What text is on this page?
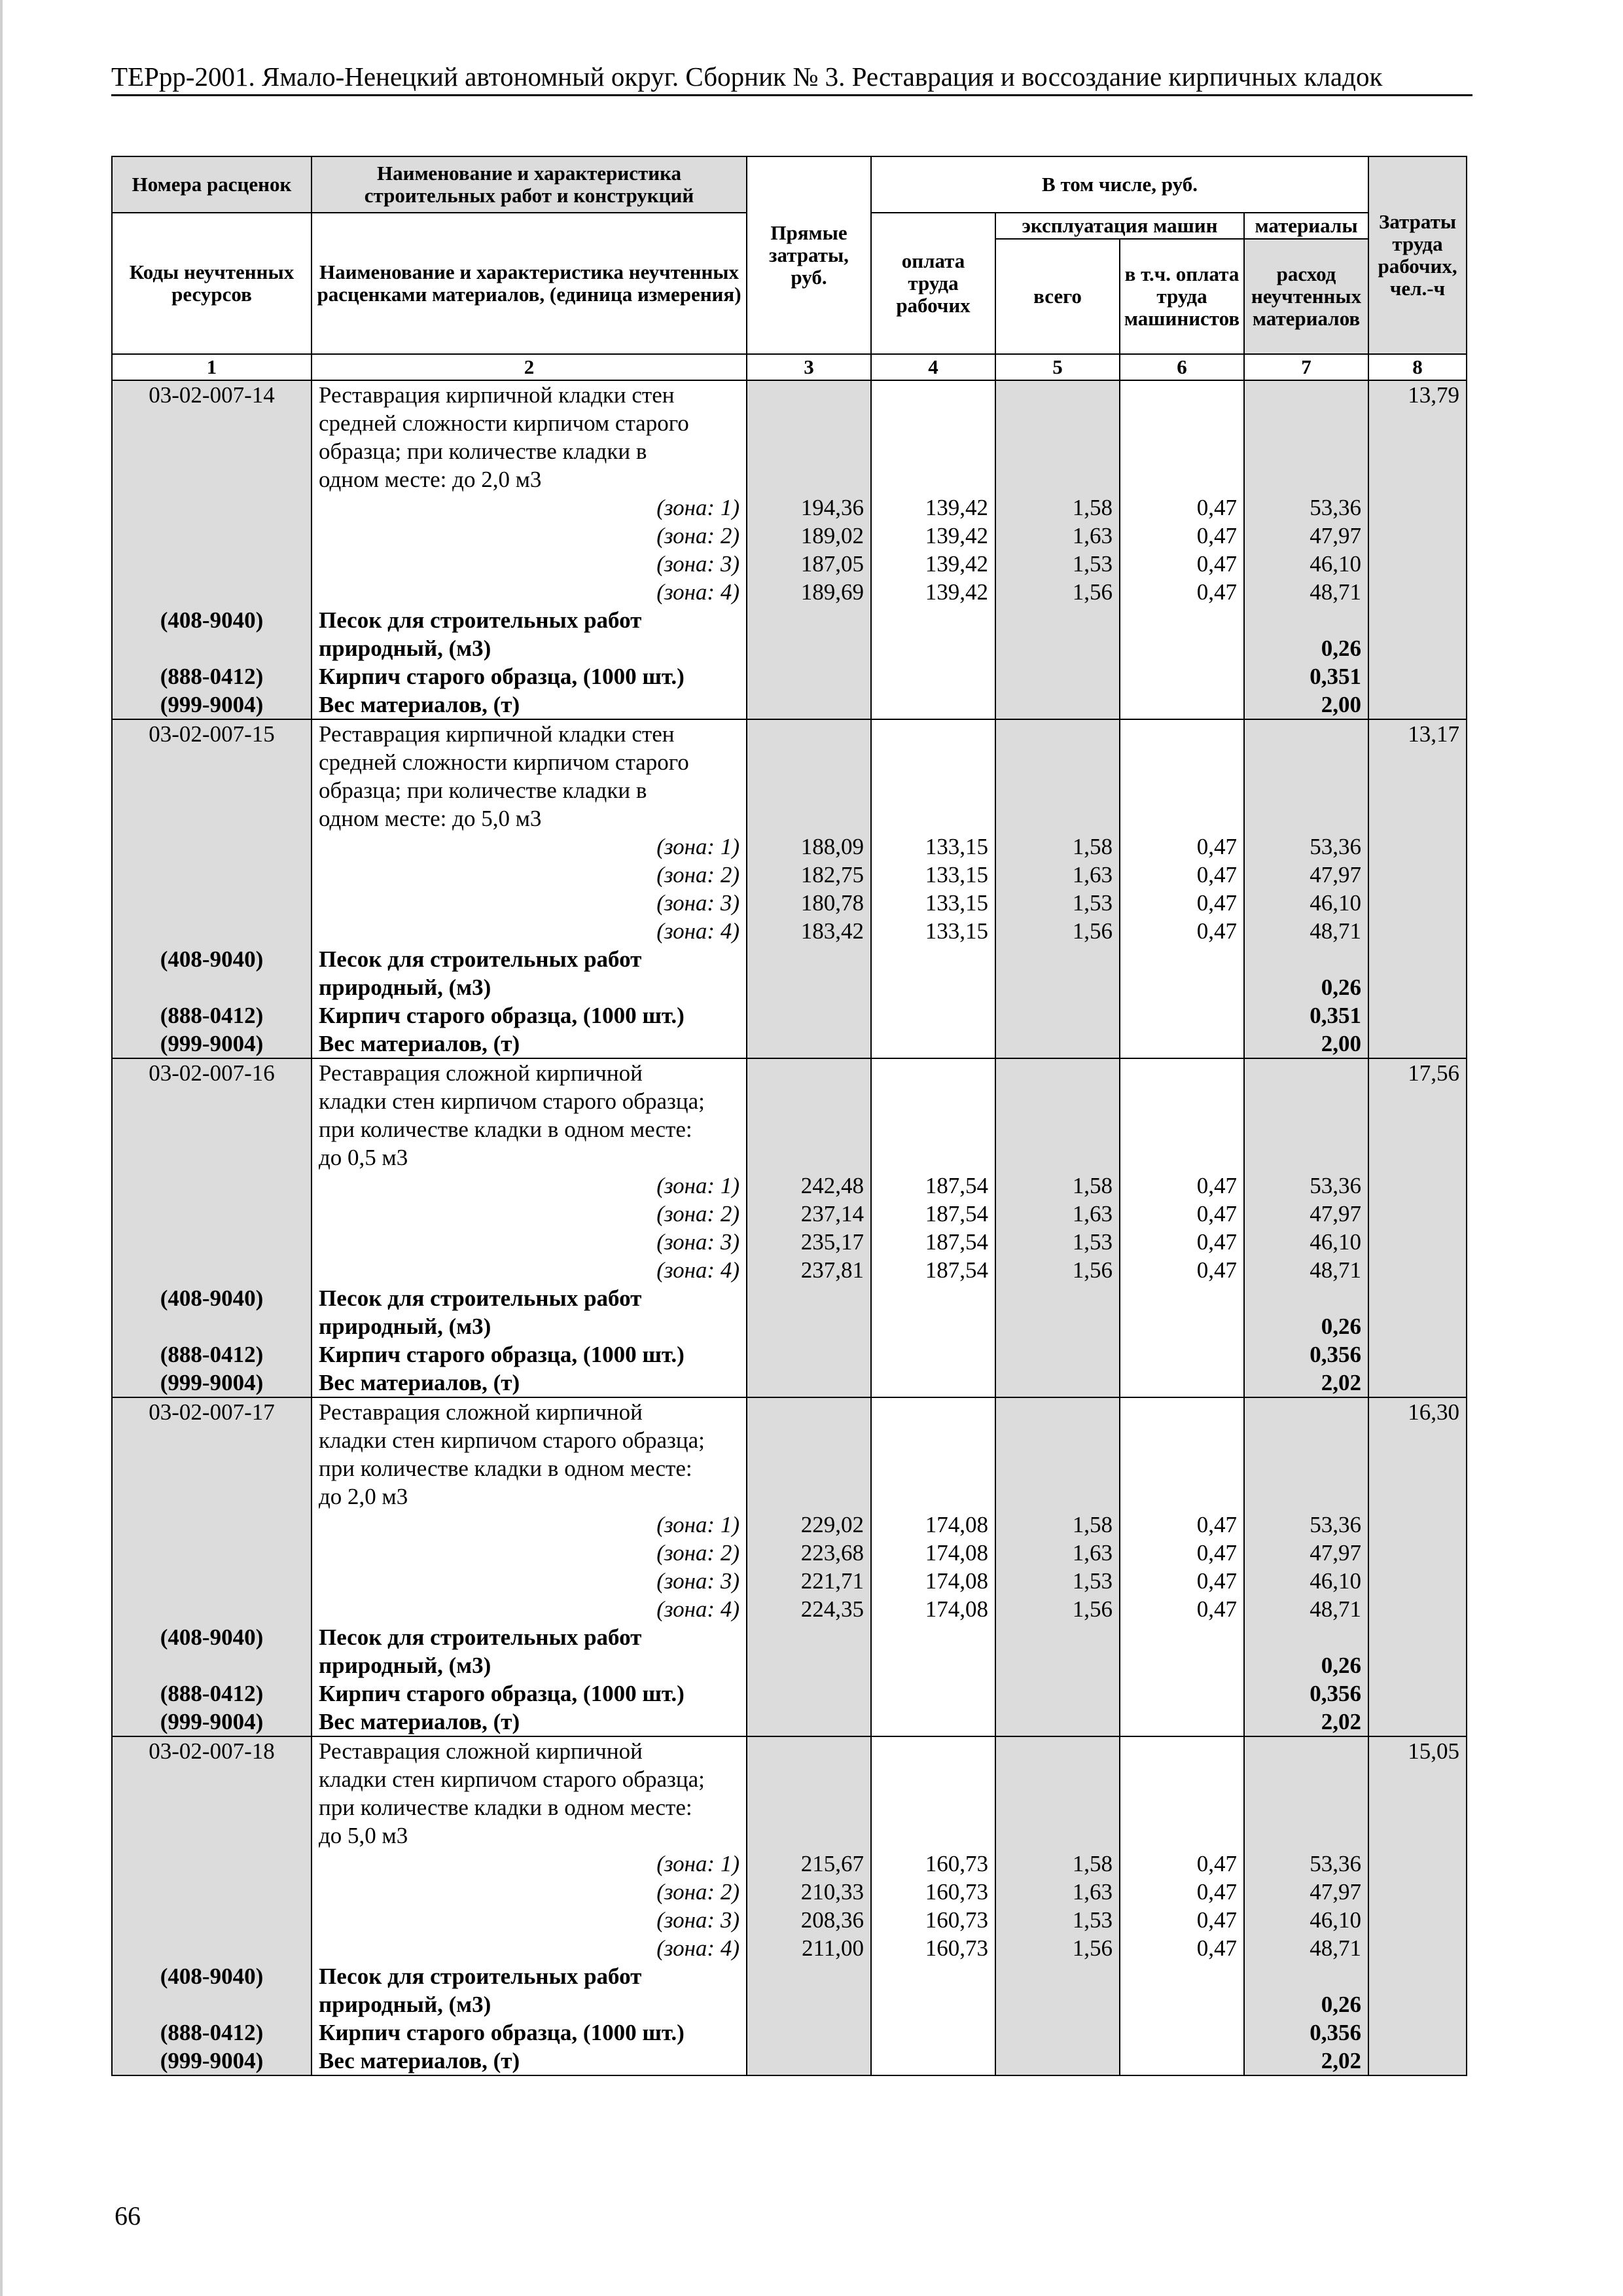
ТЕРрр-2001. Ямало-Ненецкий автономный округ. Сборник № 3. Реставрация и воссоздание кирпичных кладок
Номера расценок	Наименование и характеристика строительных работ и конструкций	Прямые затраты, руб.	В том числе, руб.				Затраты труда рабочих, чел.-ч
Коды неучтенных ресурсов	Наименование и характеристика неучтенных расценками материалов, (единица измерения)		оплата труда рабочих	эксплуатация машин		материалы	
				всего	в т.ч. оплата труда машинистов	расход неучтенных материалов	
1	2	3	4	5	6	7	8
03-02-007-14	Реставрация кирпичной кладки стен						13,79
	средней сложности кирпичом старого						
	образца; при количестве кладки в						
	одном месте: до 2,0 м3						
	(зона: 1)	194,36	139,42	1,58	0,47	53,36	
	(зона: 2)	189,02	139,42	1,63	0,47	47,97	
	(зона: 3)	187,05	139,42	1,53	0,47	46,10	
	(зона: 4)	189,69	139,42	1,56	0,47	48,71	
(408-9040)	Песок для строительных работ						
	природный, (м3)					0,26	
(888-0412)	Кирпич старого образца, (1000 шт.)					0,351	
(999-9004)	Вес материалов, (т)					2,00	
03-02-007-15	Реставрация кирпичной кладки стен						13,17
	средней сложности кирпичом старого						
	образца; при количестве кладки в						
	одном месте: до 5,0 м3						
	(зона: 1)	188,09	133,15	1,58	0,47	53,36	
	(зона: 2)	182,75	133,15	1,63	0,47	47,97	
	(зона: 3)	180,78	133,15	1,53	0,47	46,10	
	(зона: 4)	183,42	133,15	1,56	0,47	48,71	
(408-9040)	Песок для строительных работ						
	природный, (м3)					0,26	
(888-0412)	Кирпич старого образца, (1000 шт.)					0,351	
(999-9004)	Вес материалов, (т)					2,00	
03-02-007-16	Реставрация сложной кирпичной						17,56
	кладки стен кирпичом старого образца;						
	при количестве кладки в одном месте:						
	до 0,5 м3						
	(зона: 1)	242,48	187,54	1,58	0,47	53,36	
	(зона: 2)	237,14	187,54	1,63	0,47	47,97	
	(зона: 3)	235,17	187,54	1,53	0,47	46,10	
	(зона: 4)	237,81	187,54	1,56	0,47	48,71	
(408-9040)	Песок для строительных работ						
	природный, (м3)					0,26	
(888-0412)	Кирпич старого образца, (1000 шт.)					0,356	
(999-9004)	Вес материалов, (т)					2,02	
03-02-007-17	Реставрация сложной кирпичной						16,30
	кладки стен кирпичом старого образца;						
	при количестве кладки в одном месте:						
	до 2,0 м3						
	(зона: 1)	229,02	174,08	1,58	0,47	53,36	
	(зона: 2)	223,68	174,08	1,63	0,47	47,97	
	(зона: 3)	221,71	174,08	1,53	0,47	46,10	
	(зона: 4)	224,35	174,08	1,56	0,47	48,71	
(408-9040)	Песок для строительных работ						
	природный, (м3)					0,26	
(888-0412)	Кирпич старого образца, (1000 шт.)					0,356	
(999-9004)	Вес материалов, (т)					2,02	
03-02-007-18	Реставрация сложной кирпичной						15,05
	кладки стен кирпичом старого образца;						
	при количестве кладки в одном месте:						
	до 5,0 м3						
	(зона: 1)	215,67	160,73	1,58	0,47	53,36	
	(зона: 2)	210,33	160,73	1,63	0,47	47,97	
	(зона: 3)	208,36	160,73	1,53	0,47	46,10	
	(зона: 4)	211,00	160,73	1,56	0,47	48,71	
(408-9040)	Песок для строительных работ						
	природный, (м3)					0,26	
(888-0412)	Кирпич старого образца, (1000 шт.)					0,356	
(999-9004)	Вес материалов, (т)					2,02	
66
